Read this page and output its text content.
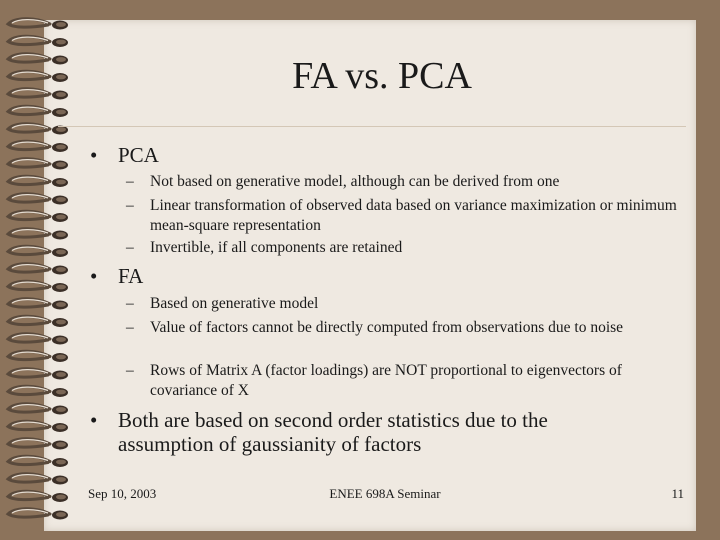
FA vs. PCA
• PCA
– Not based on generative model, although can be derived from one
– Linear transformation of observed data based on variance maximization or minimum mean-square representation
– Invertible, if all components are retained
• FA
– Based on generative model
– Value of factors cannot be directly computed from observations due to noise
– Rows of Matrix A (factor loadings) are NOT proportional to eigenvectors of covariance of X
• Both are based on second order statistics due to the assumption of gaussianity of factors
Sep 10, 2003	ENEE 698A Seminar	11
